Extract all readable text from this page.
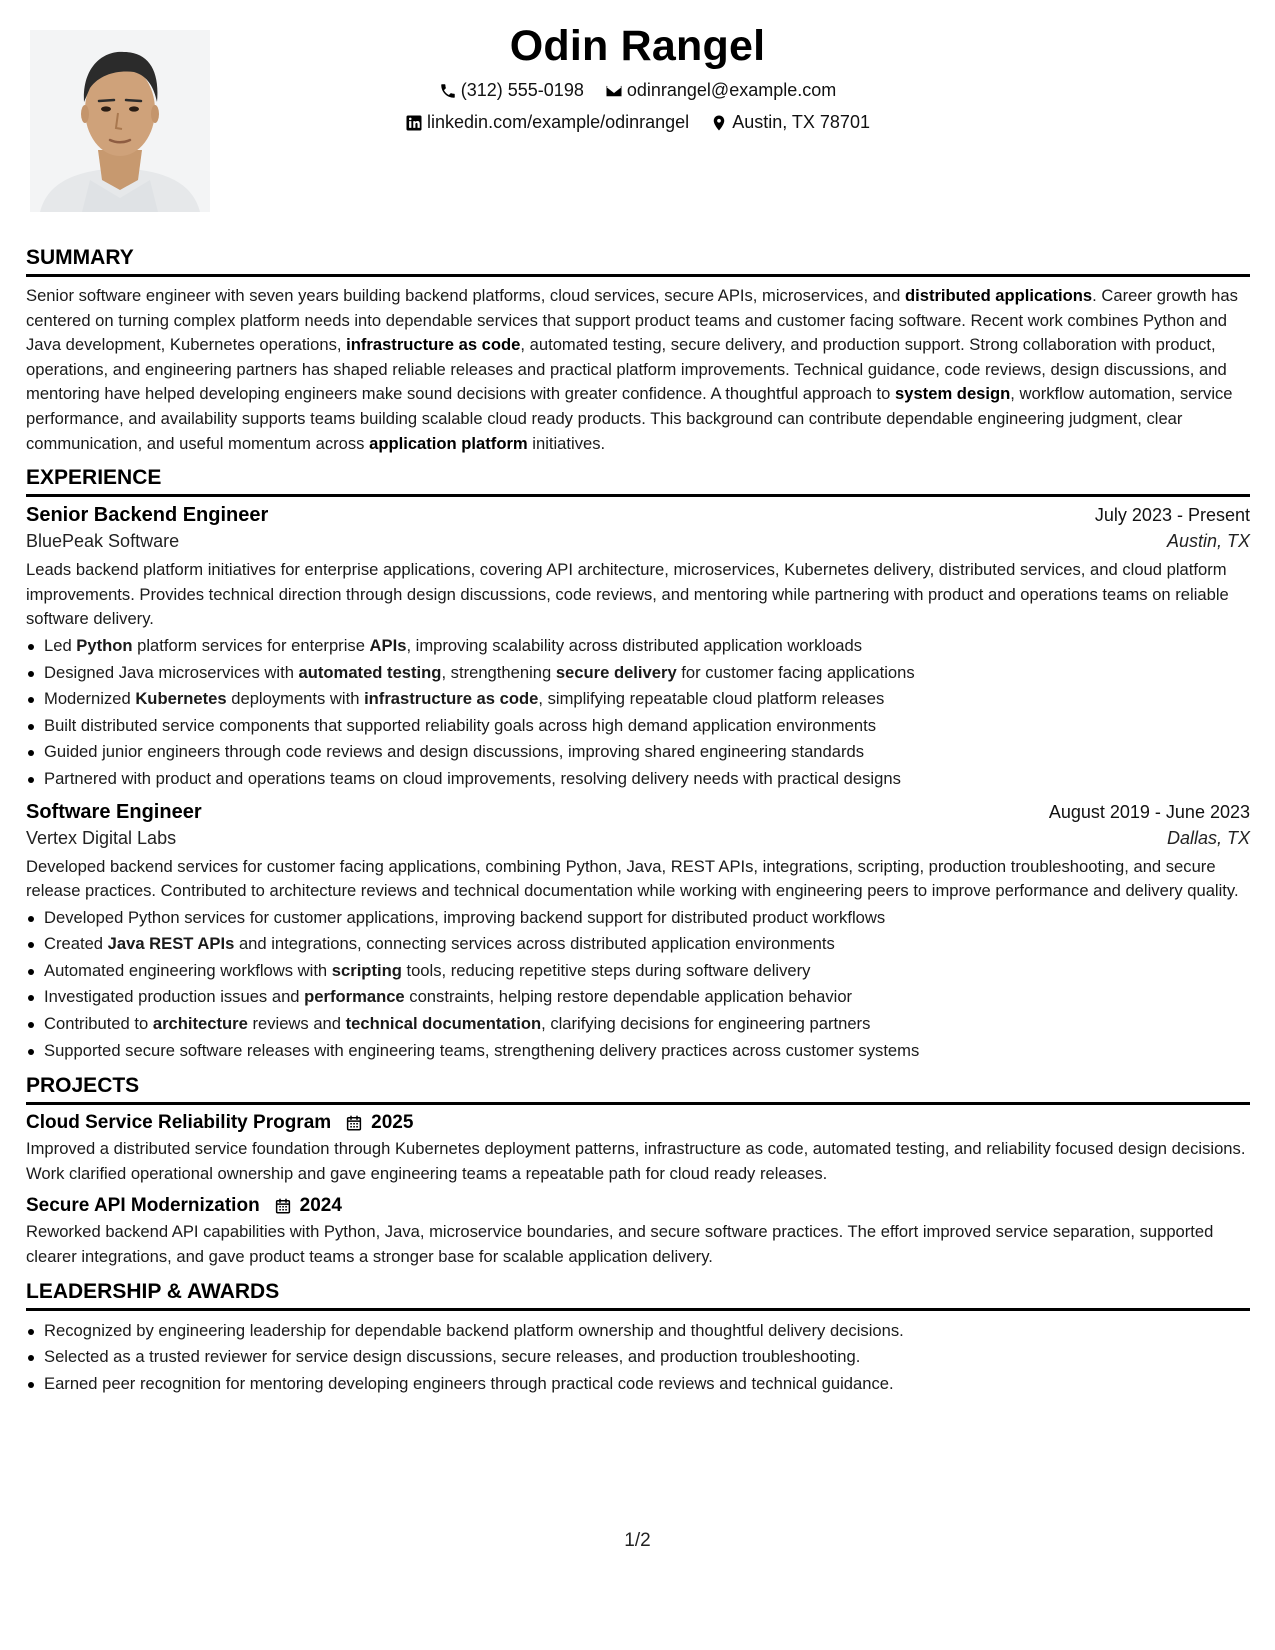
Odin Rangel
(312) 555-0198
odinrangel@example.com
linkedin.com/example/odinrangel
Austin, TX 78701
SUMMARY

Senior software engineer with seven years building backend platforms, cloud services, secure APIs, microservices, and distributed applications. Career growth has centered on turning complex platform needs into dependable services that support product teams and customer facing software. Recent work combines Python and Java development, Kubernetes operations, infrastructure as code, automated testing, secure delivery, and production support. Strong collaboration with product, operations, and engineering partners has shaped reliable releases and practical platform improvements. Technical guidance, code reviews, design discussions, and mentoring have helped developing engineers make sound decisions with greater confidence. A thoughtful approach to system design, workflow automation, service performance, and availability supports teams building scalable cloud ready products. This background can contribute dependable engineering judgment, clear communication, and useful momentum across application platform initiatives.

EXPERIENCE
Senior Backend Engineer	July 2023 - Present
BluePeak Software	Austin, TX

Leads backend platform initiatives for enterprise applications, covering API architecture, microservices, Kubernetes delivery, distributed services, and cloud platform improvements. Provides technical direction through design discussions, code reviews, and mentoring while partnering with product and operations teams on reliable software delivery.

Led Python platform services for enterprise APIs, improving scalability across distributed application workloads
Designed Java microservices with automated testing, strengthening secure delivery for customer facing applications
Modernized Kubernetes deployments with infrastructure as code, simplifying repeatable cloud platform releases
Built distributed service components that supported reliability goals across high demand application environments
Guided junior engineers through code reviews and design discussions, improving shared engineering standards
Partnered with product and operations teams on cloud improvements, resolving delivery needs with practical designs
Software Engineer	August 2019 - June 2023
Vertex Digital Labs	Dallas, TX

Developed backend services for customer facing applications, combining Python, Java, REST APIs, integrations, scripting, production troubleshooting, and secure release practices. Contributed to architecture reviews and technical documentation while working with engineering peers to improve performance and delivery quality.

Developed Python services for customer applications, improving backend support for distributed product workflows
Created Java REST APIs and integrations, connecting services across distributed application environments
Automated engineering workflows with scripting tools, reducing repetitive steps during software delivery
Investigated production issues and performance constraints, helping restore dependable application behavior
Contributed to architecture reviews and technical documentation, clarifying decisions for engineering partners
Supported secure software releases with engineering teams, strengthening delivery practices across customer systems
PROJECTS
Cloud Service Reliability Program 2025

Improved a distributed service foundation through Kubernetes deployment patterns, infrastructure as code, automated testing, and reliability focused design decisions. Work clarified operational ownership and gave engineering teams a repeatable path for cloud ready releases.

Secure API Modernization 2024

Reworked backend API capabilities with Python, Java, microservice boundaries, and secure software practices. The effort improved service separation, supported clearer integrations, and gave product teams a stronger base for scalable application delivery.

LEADERSHIP & AWARDS
Recognized by engineering leadership for dependable backend platform ownership and thoughtful delivery decisions.
Selected as a trusted reviewer for service design discussions, secure releases, and production troubleshooting.
Earned peer recognition for mentoring developing engineers through practical code reviews and technical guidance.
1/2
